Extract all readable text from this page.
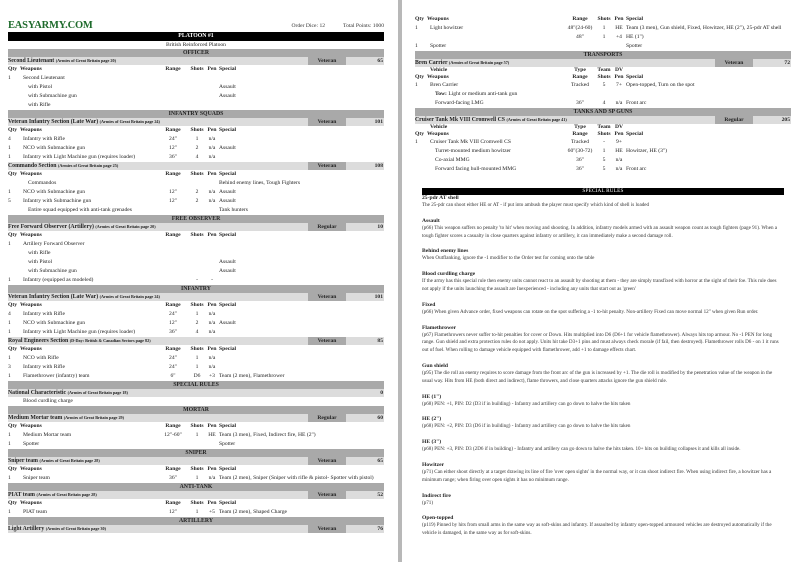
EASYARMY.COM	Order Dice: 12	Total Points: 1000
PLATOON #1
British Reinforced Platoon
OFFICER
Second Lieutenant (Armies of Great Britain page 20)	Veteran	65
Qty Weapons	Range	Shots Pen Special
1	Second Lieutenant
with Pistol	Assault
with Submachine gun	Assault
with Rifle
INFANTRY SQUADS
Veteran Infantry Section (Late War) (Armies of Great Britain page 24)	Veteran	101
Qty Weapons	Range	Shots Pen Special
4	Infantry with Rifle	24"	1	n/a
1	NCO with Submachine gun	12"	2	n/a Assault
1	Infantry with Light Machine gun (requires loader)	36"	4	n/a
Commando Section (Armies of Great Britain page 25)	Veteran	108
Qty Weapons	Range	Shots Pen Special
Commandos	Behind enemy lines, Tough Fighters
1	NCO with Submachine gun	12"	2	n/a Assault
5	Infantry with Submachine gun	12"	2	n/a Assault
Entire squad equipped with anti-tank grenades	Tank hunters
FREE OBSERVER
Free Forward Observer (Artillery) (Armies of Great Britain page 20)	Regular	10
Qty Weapons	Range	Shots Pen Special
1	Artillery Forward Observer
with Rifle
with Pistol	Assault
with Submachine gun	Assault
1	Infantry (equipped as modeled)	-	-
INFANTRY
Veteran Infantry Section (Late War) (Armies of Great Britain page 24)	Veteran	101
Qty Weapons	Range	Shots Pen Special
4	Infantry with Rifle	24"	1	n/a
1	NCO with Submachine gun	12"	2	n/a Assault
1	Infantry with Light Machine gun (requires loader)	36"	4	n/a
Royal Engineers Section (D-Day: British & Canadian Sectors page 82)	Veteran	85
Qty Weapons	Range	Shots Pen Special
1	NCO with Rifle	24"	1	n/a
3	Infantry with Rifle	24"	1	n/a
1	Flamethrower (infantry) team	6"	D6	+3 Team (2 men), Flamethrower
SPECIAL RULES
National Characteristic (Armies of Great Britain page 18)	0
Blood curdling charge
MORTAR
Medium Mortar team (Armies of Great Britain page 29)	Regular	60
Qty Weapons	Range	Shots Pen Special
1	Medium Mortar team	12"-60"	1	HE Team (3 men), Fixed, Indirect fire, HE (2")
1	Spotter	Spotter
SNIPER
Sniper team (Armies of Great Britain page 28)	Veteran	65
Qty Weapons	Range	Shots Pen Special
1	Sniper team	36"	1	n/a Team (2 men), Sniper (Sniper with rifle & pistol- Spotter with pistol)
ANTI-TANK
PIAT team (Armies of Great Britain page 28)	Veteran	52
Qty Weapons	Range	Shots Pen Special
1	PIAT team	12"	1	+5 Team (2 men), Shaped Charge
ARTILLERY
Light Artillery (Armies of Great Britain page 30)	Veteran	76
Qty Weapons	Range	Shots Pen Special
1	Light howitzer	48"(24-60)	1	HE Team (3 men), Gun shield, Fixed, Howitzer, HE (2"), 25-pdr AT shell
48"	1	+4 HE (1")
1	Spotter	Spotter
TRANSPORTS
Bren Carrier (Armies of Great Britain page 57)	Veteran	72
Vehicle	Type	Team DV
Qty Weapons	Range	Shots Pen Special
1	Bren Carrier	Tracked	5	7+ Open-topped, Turn on the spot
Tow: Light or medium anti-tank gun
Forward-facing LMG	36"	4	n/a Front arc
TANKS AND SP GUNS
Cruiser Tank Mk VIII Cromwell CS (Armies of Great Britain page 41)	Regular	205
Vehicle	Type	Team DV
Qty Weapons	Range	Shots Pen Special
1	Cruiser Tank Mk VIII Cromwell CS	Tracked	-	9+
Turret-mounted medium howitzer	60"(30-72)	1	HE Howitzer, HE (3")
Co-axial MMG	36"	5	n/a
Forward facing hull-mounted MMG	36"	5	n/a Front arc
SPECIAL RULES
25-pdr AT shell
The 25-pdr can shoot either HE or AT - if put into ambush the player must specify which kind of shell is loaded
Assault
(p66) This weapon suffers no penalty 'to hit' when moving and shooting. In addition, infantry models armed with an assault weapon count as tough fighters (page 91). When a tough fighter scores a casualty in close quarters against infantry or artillery, it can immediately make a second damage roll.
Behind enemy lines
When Outflanking, ignore the -1 modifier to the Order test for coming onto the table
Blood curdling charge
If the army has this special rule then enemy units cannot react to an assault by shooting at them - they are simply transfixed with horror at the sight of their foe. This rule does not apply if the units launching the assault are Inexperienced - including any units that start out as 'green'
Fixed
(p66) When given Advance order, fixed weapons can rotate on the spot suffering a -1 to-hit penalty. Non-artillery Fixed can move normal 12" when given Run order.
Flamethrower
(p67) Flamethrowers never suffer to-hit penalties for cover or Down. Hits multiplied into D6 (D6+1 for vehicle flamethrower). Always hits top armour. No -1 PEN for long range. Gun shield and extra protection rules do not apply. Units hit take D3+1 pins and must always check morale (if fail, then destroyed). Flamethrower rolls D6 - on 1 it runs out of fuel. When rolling to damage vehicle equipped with flamethrower, add +1 to damage effects chart.
Gun shield
(p95) The die roll an enemy requires to score damage from the front arc of the gun is increased by +1. The die roll is modified by the penetration value of the weapon in the usual way. Hits from HE (both direct and indirect), flame throwers, and close quarters attacks ignore the gun shield rule.
HE (1")
(p68) PEN: +1, PIN: D2 (D3 if in building) - Infantry and artillery can go down to halve the hits taken
HE (2")
(p68) PEN: +2, PIN: D3 (D6 if in building) - Infantry and artillery can go down to halve the hits taken
HE (3")
(p68) PEN: +3, PIN: D3 (2D6 if in building) - Infantry and artillery can go down to halve the hits taken. 10+ hits on building collapses it and kills all inside.
Howitzer
(p71) Can either shoot directly at a target drawing its line of fire 'over open sights' in the normal way, or it can shoot indirect fire. When using indirect fire, a howitzer has a minimum range; when firing over open sights it has no minimum range.
Indirect fire
(p71)
Open-topped
(p119) Pinned by hits from small arms in the same way as soft-skins and infantry. If assaulted by infantry open-topped armoured vehicles are destroyed automatically if the vehicle is damaged, in the same way as for soft-skins.
